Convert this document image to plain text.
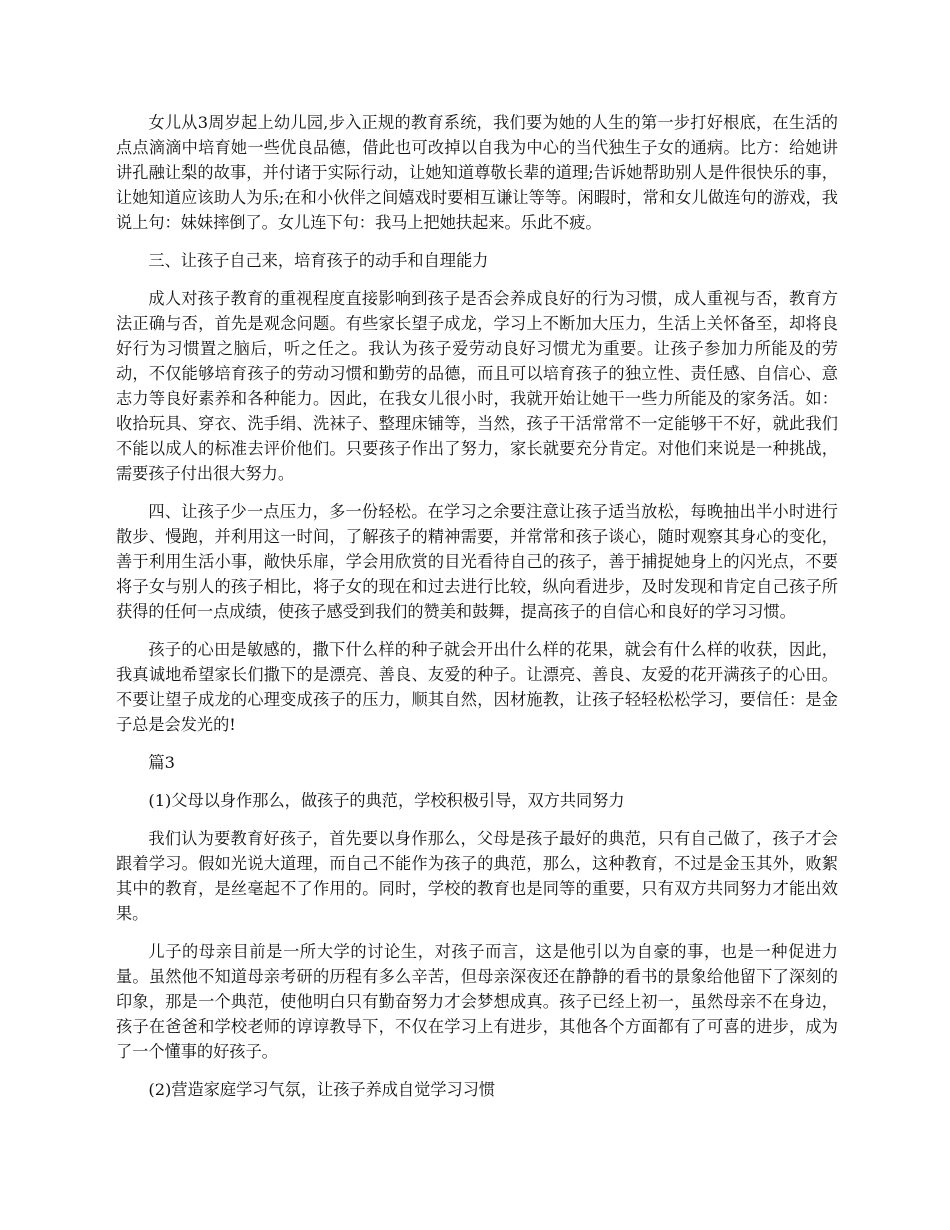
女儿从3周岁起上幼儿园,步入正规的教育系统，我们要为她的人生的第一步打好根底，在生活的点点滴滴中培育她一些优良品德，借此也可改掉以自我为中心的当代独生子女的通病。比方：给她讲讲孔融让梨的故事，并付诸于实际行动，让她知道尊敬长辈的道理;告诉她帮助别人是件很快乐的事，让她知道应该助人为乐;在和小伙伴之间嬉戏时要相互谦让等等。闲暇时，常和女儿做连句的游戏，我说上句：妹妹摔倒了。女儿连下句：我马上把她扶起来。乐此不疲。

三、让孩子自己来，培育孩子的动手和自理能力

成人对孩子教育的重视程度直接影响到孩子是否会养成良好的行为习惯，成人重视与否，教育方法正确与否，首先是观念问题。有些家长望子成龙，学习上不断加大压力，生活上关怀备至，却将良好行为习惯置之脑后，听之任之。我认为孩子爱劳动良好习惯尤为重要。让孩子参加力所能及的劳动，不仅能够培育孩子的劳动习惯和勤劳的品德，而且可以培育孩子的独立性、责任感、自信心、意志力等良好素养和各种能力。因此，在我女儿很小时，我就开始让她干一些力所能及的家务活。如：收拾玩具、穿衣、洗手绢、洗袜子、整理床铺等，当然，孩子干活常常不一定能够干不好，就此我们不能以成人的标准去评价他们。只要孩子作出了努力，家长就要充分肯定。对他们来说是一种挑战，需要孩子付出很大努力。

四、让孩子少一点压力，多一份轻松。在学习之余要注意让孩子适当放松，每晚抽出半小时进行散步、慢跑，并利用这一时间，了解孩子的精神需要，并常常和孩子谈心，随时观察其身心的变化，善于利用生活小事，敞快乐扉，学会用欣赏的目光看待自己的孩子，善于捕捉她身上的闪光点，不要将子女与别人的孩子相比，将子女的现在和过去进行比较，纵向看进步，及时发现和肯定自己孩子所获得的任何一点成绩，使孩子感受到我们的赞美和鼓舞，提高孩子的自信心和良好的学习习惯。

孩子的心田是敏感的，撒下什么样的种子就会开出什么样的花果，就会有什么样的收获，因此，我真诚地希望家长们撒下的是漂亮、善良、友爱的种子。让漂亮、善良、友爱的花开满孩子的心田。不要让望子成龙的心理变成孩子的压力，顺其自然，因材施教，让孩子轻轻松松学习，要信任：是金子总是会发光的!

篇3

(1)父母以身作那么，做孩子的典范，学校积极引导，双方共同努力

我们认为要教育好孩子，首先要以身作那么，父母是孩子最好的典范，只有自己做了，孩子才会跟着学习。假如光说大道理，而自己不能作为孩子的典范，那么，这种教育，不过是金玉其外，败絮其中的教育，是丝毫起不了作用的。同时，学校的教育也是同等的重要，只有双方共同努力才能出效果。

儿子的母亲目前是一所大学的讨论生，对孩子而言，这是他引以为自豪的事，也是一种促进力量。虽然他不知道母亲考研的历程有多么辛苦，但母亲深夜还在静静的看书的景象给他留下了深刻的印象，那是一个典范，使他明白只有勤奋努力才会梦想成真。孩子已经上初一，虽然母亲不在身边，孩子在爸爸和学校老师的谆谆教导下，不仅在学习上有进步，其他各个方面都有了可喜的进步，成为了一个懂事的好孩子。

(2)营造家庭学习气氛，让孩子养成自觉学习习惯
